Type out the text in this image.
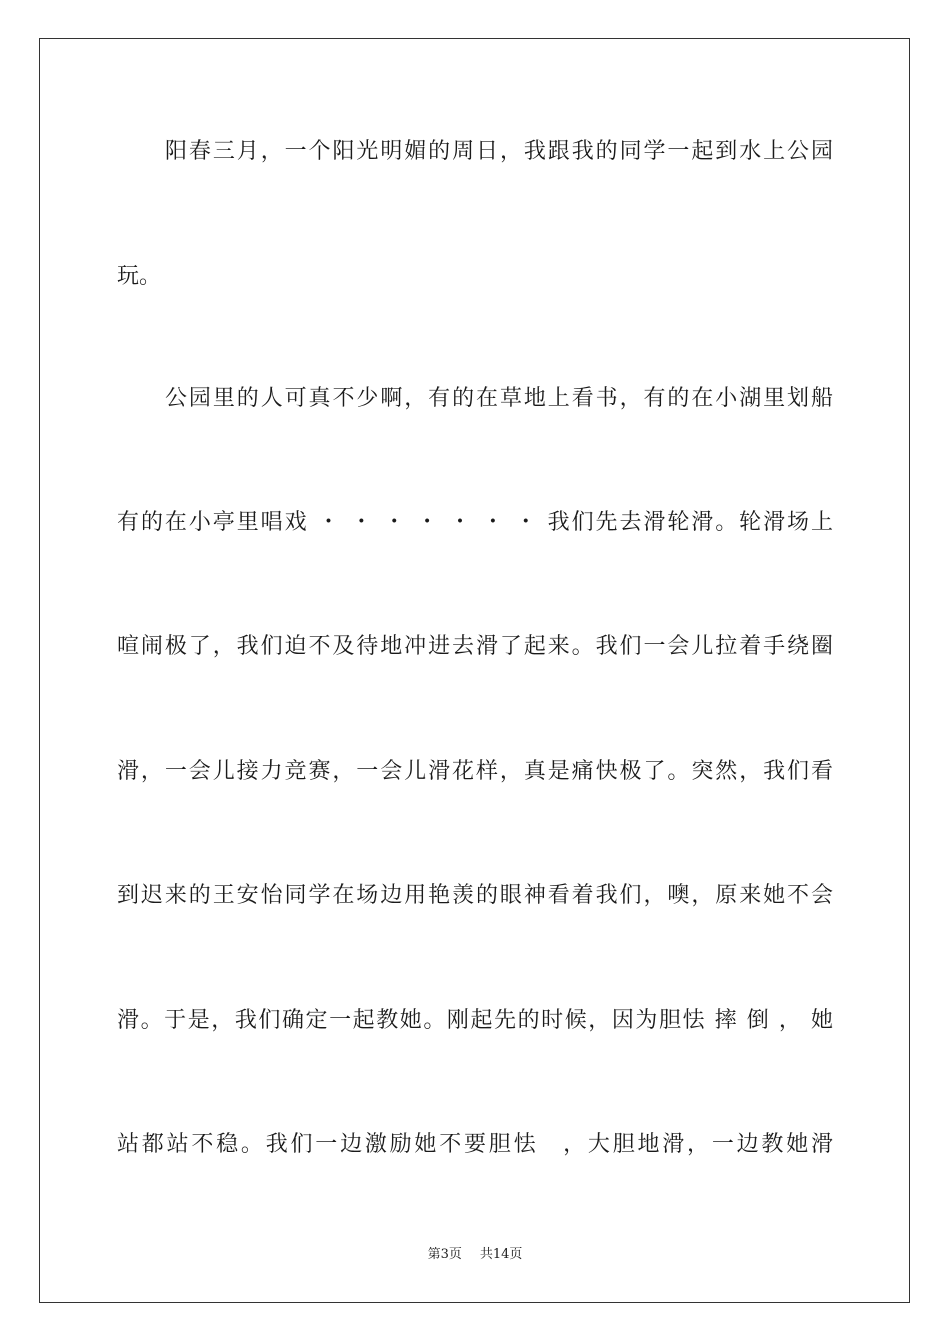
阳春三月，一个阳光明媚的周日，我跟我的同学一起到水上公园
玩。
公园里的人可真不少啊，有的在草地上看书，有的在小湖里划船
有的在小亭里唱戏 ・ ・ ・ ・ ・ ・ ・ 我们先去滑轮滑。轮滑场上
喧闹极了，我们迫不及待地冲进去滑了起来。我们一会儿拉着手绕圈
滑，一会儿接力竞赛，一会儿滑花样，真是痛快极了。突然，我们看
到迟来的王安怡同学在场边用艳羡的眼神看着我们，噢，原来她不会
滑。于是，我们确定一起教她。刚起先的时候，因为胆怯 摔 倒 ， 她
站都站不稳。我们一边激励她不要胆怯　，大胆地滑，一边教她滑
第3页 共14页
